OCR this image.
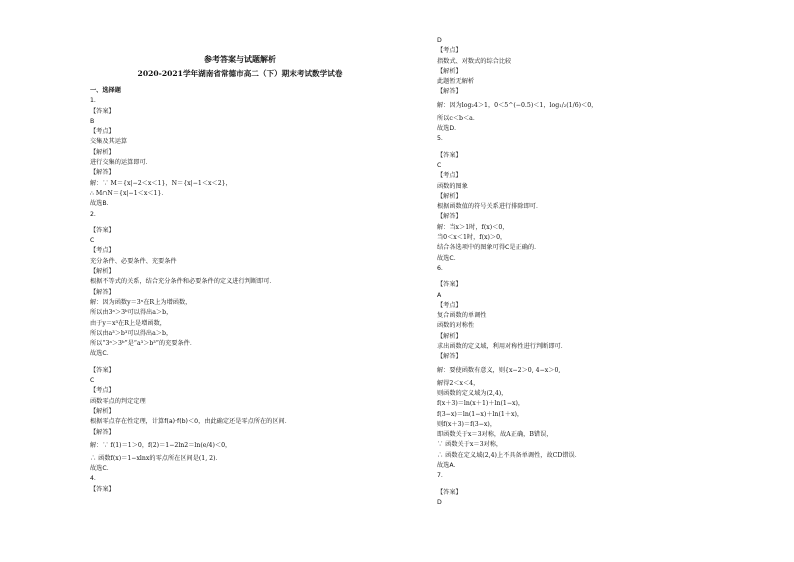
参考答案与试题解析
2020-2021学年湖南省常德市高二（下）期末考试数学试卷
一、选择题
1.
【答案】
B
【考点】
交集及其运算
【解析】
进行交集的运算即可．
【解答】
解：∵ M＝{x|−2＜x＜1}，N＝{x|−1＜x＜2}，
∴ M∩N＝{x|−1＜x＜1}．
故选B．
2.
【答案】
C
【考点】
充分条件、必要条件、充要条件
【解析】
根据不等式的关系，结合充分条件和必要条件的定义进行判断即可．
【解答】
解：因为函数y＝3ˣ在R上为增函数，
所以由3ᵃ＞3ᵇ可以得出a＞b，
由于y＝x³在R上是增函数，
所以由a³＞b³可以得出a＞b，
所以“3ᵃ＞3ᵇ”是“a³＞b³”的充要条件．
故选C．
【答案】
C
【考点】
函数零点的判定定理
【解析】
根据零点存在性定理，计算f(a)·f(b)＜0，由此确定还是零点所在的区间．
【解答】
解：∵ f(1)＝1＞0，f(2)＝1−2ln2＝ln(e/4)＜0，
∴ 函数f(x)＝1−xlnx的零点所在区间是(1, 2)．
故选C．
4.
【答案】
D
【考点】
指数式、对数式的综合比较
【解析】
此题暂无解析
【解答】
解：因为log₂4＞1，0＜5^(−0.5)＜1，log₁/₂(1/6)＜0，
所以c＜b＜a．
故选D．
5.
【答案】
C
【考点】
函数的图象
【解析】
根据函数值的符号关系进行排除即可．
【解答】
解：当x＞1时，f(x)＜0，
当0＜x＜1时，f(x)＞0，
结合各选项中的图象可得C是正确的．
故选C．
6.
【答案】
A
【考点】
复合函数的单调性
函数的对称性
【解析】
求出函数的定义域，利用对称性进行判断即可．
【解答】
解：要使函数有意义，则{x−2＞0, 4−x＞0,
解得2＜x＜4，
则函数的定义域为(2,4)，
f(x＋3)＝ln(x＋1)＋ln(1−x)，
f(3−x)＝ln(1−x)＋ln(1＋x)，
则f(x＋3)＝f(3−x)，
即函数关于x＝3对称，故A正确，B错误，
∵ 函数关于x＝3对称，
∴ 函数在定义域(2,4)上不具备单调性，故CD错误．
故选A．
7.
【答案】
D
